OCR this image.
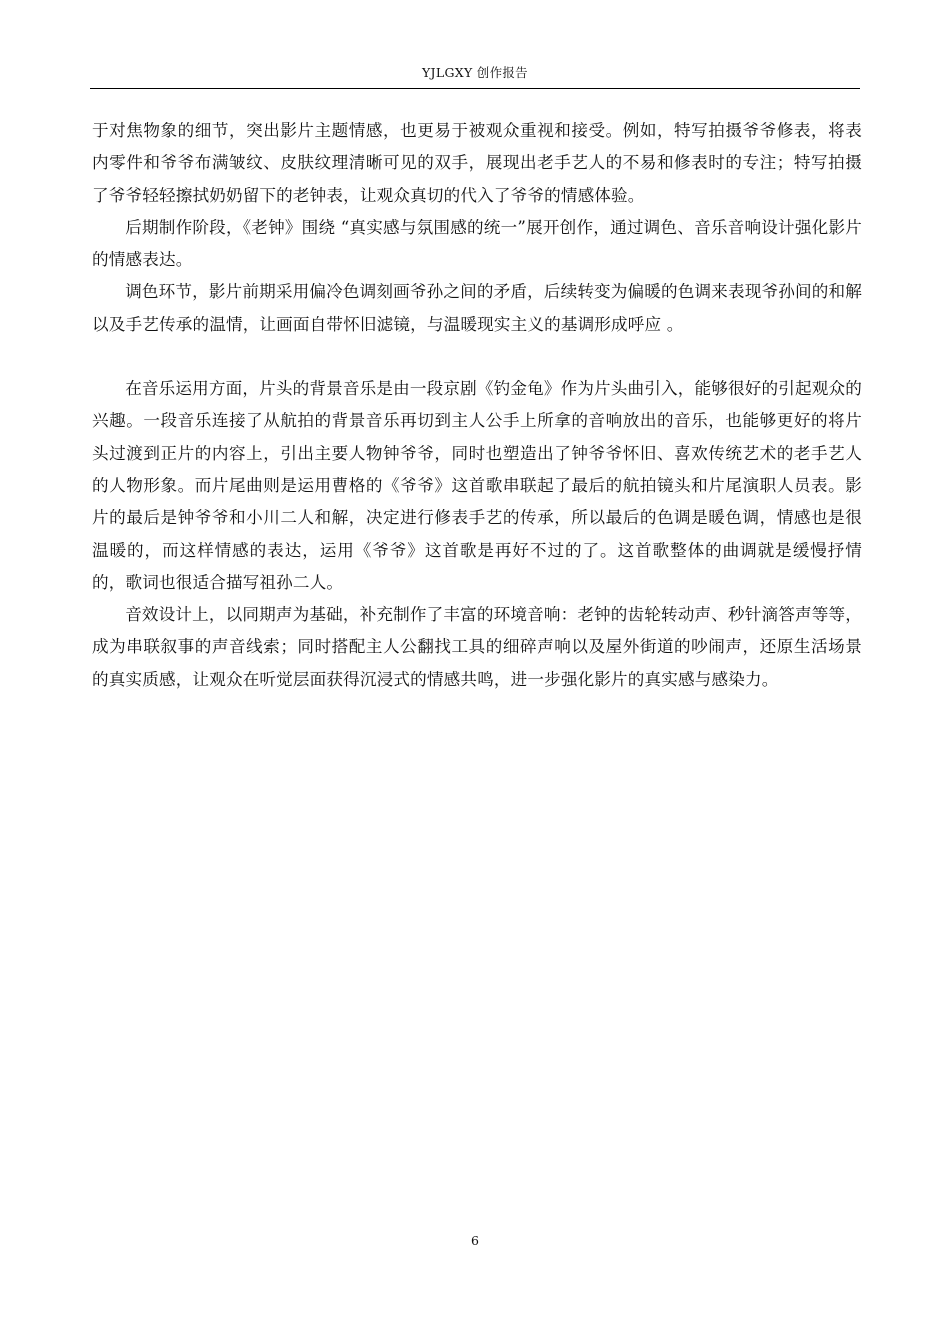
YJLGXY 创作报告

于对焦物象的细节，突出影片主题情感，也更易于被观众重视和接受。例如，特写拍摄爷爷修表，将表内零件和爷爷布满皱纹、皮肤纹理清晰可见的双手，展现出老手艺人的不易和修表时的专注；特写拍摄了爷爷轻轻擦拭奶奶留下的老钟表，让观众真切的代入了爷爷的情感体验。

后期制作阶段，《老钟》围绕 “真实感与氛围感的统一”展开创作，通过调色、音乐音响设计强化影片的情感表达。

调色环节，影片前期采用偏冷色调刻画爷孙之间的矛盾，后续转变为偏暖的色调来表现爷孙间的和解以及手艺传承的温情，让画面自带怀旧滤镜，与温暖现实主义的基调形成呼应 。

在音乐运用方面，片头的背景音乐是由一段京剧《钓金龟》作为片头曲引入，能够很好的引起观众的兴趣。一段音乐连接了从航拍的背景音乐再切到主人公手上所拿的音响放出的音乐，也能够更好的将片头过渡到正片的内容上，引出主要人物钟爷爷，同时也塑造出了钟爷爷怀旧、喜欢传统艺术的老手艺人的人物形象。而片尾曲则是运用曹格的《爷爷》这首歌串联起了最后的航拍镜头和片尾演职人员表。影片的最后是钟爷爷和小川二人和解，决定进行修表手艺的传承，所以最后的色调是暖色调，情感也是很温暖的，而这样情感的表达，运用《爷爷》这首歌是再好不过的了。这首歌整体的曲调就是缓慢抒情的，歌词也很适合描写祖孙二人。

音效设计上，以同期声为基础，补充制作了丰富的环境音响：老钟的齿轮转动声、秒针滴答声等等，成为串联叙事的声音线索；同时搭配主人公翻找工具的细碎声响以及屋外街道的吵闹声，还原生活场景的真实质感，让观众在听觉层面获得沉浸式的情感共鸣，进一步强化影片的真实感与感染力。

6
